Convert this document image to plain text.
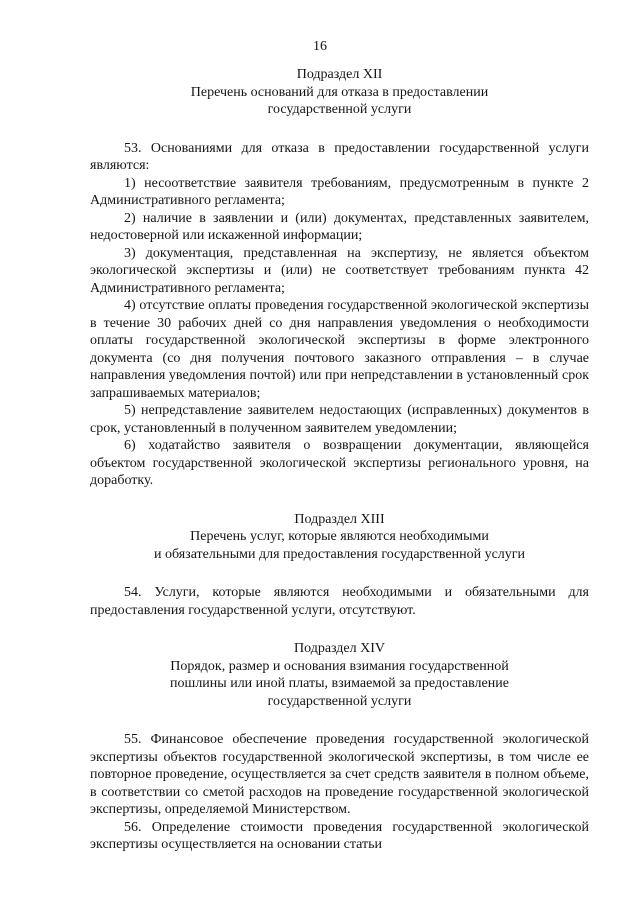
16
Подраздел XII
Перечень оснований для отказа в предоставлении
государственной услуги

53. Основаниями для отказа в предоставлении государственной услуги являются:

1) несоответствие заявителя требованиям, предусмотренным в пункте 2 Административного регламента;

2) наличие в заявлении и (или) документах, представленных заявителем, недостоверной или искаженной информации;

3) документация, представленная на экспертизу, не является объектом экологической экспертизы и (или) не соответствует требованиям пункта 42 Административного регламента;

4) отсутствие оплаты проведения государственной экологической экспертизы в течение 30 рабочих дней со дня направления уведомления о необходимости оплаты государственной экологической экспертизы в форме электронного документа (со дня получения почтового заказного отправления – в случае направления уведомления почтой) или при непредставлении в установленный срок запрашиваемых материалов;

5) непредставление заявителем недостающих (исправленных) документов в срок, установленный в полученном заявителем уведомлении;

6) ходатайство заявителя о возвращении документации, являющейся объектом государственной экологической экспертизы регионального уровня, на доработку.

Подраздел XIII
Перечень услуг, которые являются необходимыми
и обязательными для предоставления государственной услуги

54. Услуги, которые являются необходимыми и обязательными для предоставления государственной услуги, отсутствуют.

Подраздел XIV
Порядок, размер и основания взимания государственной
пошлины или иной платы, взимаемой за предоставление
государственной услуги

55. Финансовое обеспечение проведения государственной экологической экспертизы объектов государственной экологической экспертизы, в том числе ее повторное проведение, осуществляется за счет средств заявителя в полном объеме, в соответствии со сметой расходов на проведение государственной экологической экспертизы, определяемой Министерством.

56. Определение стоимости проведения государственной экологической экспертизы осуществляется на основании статьи
